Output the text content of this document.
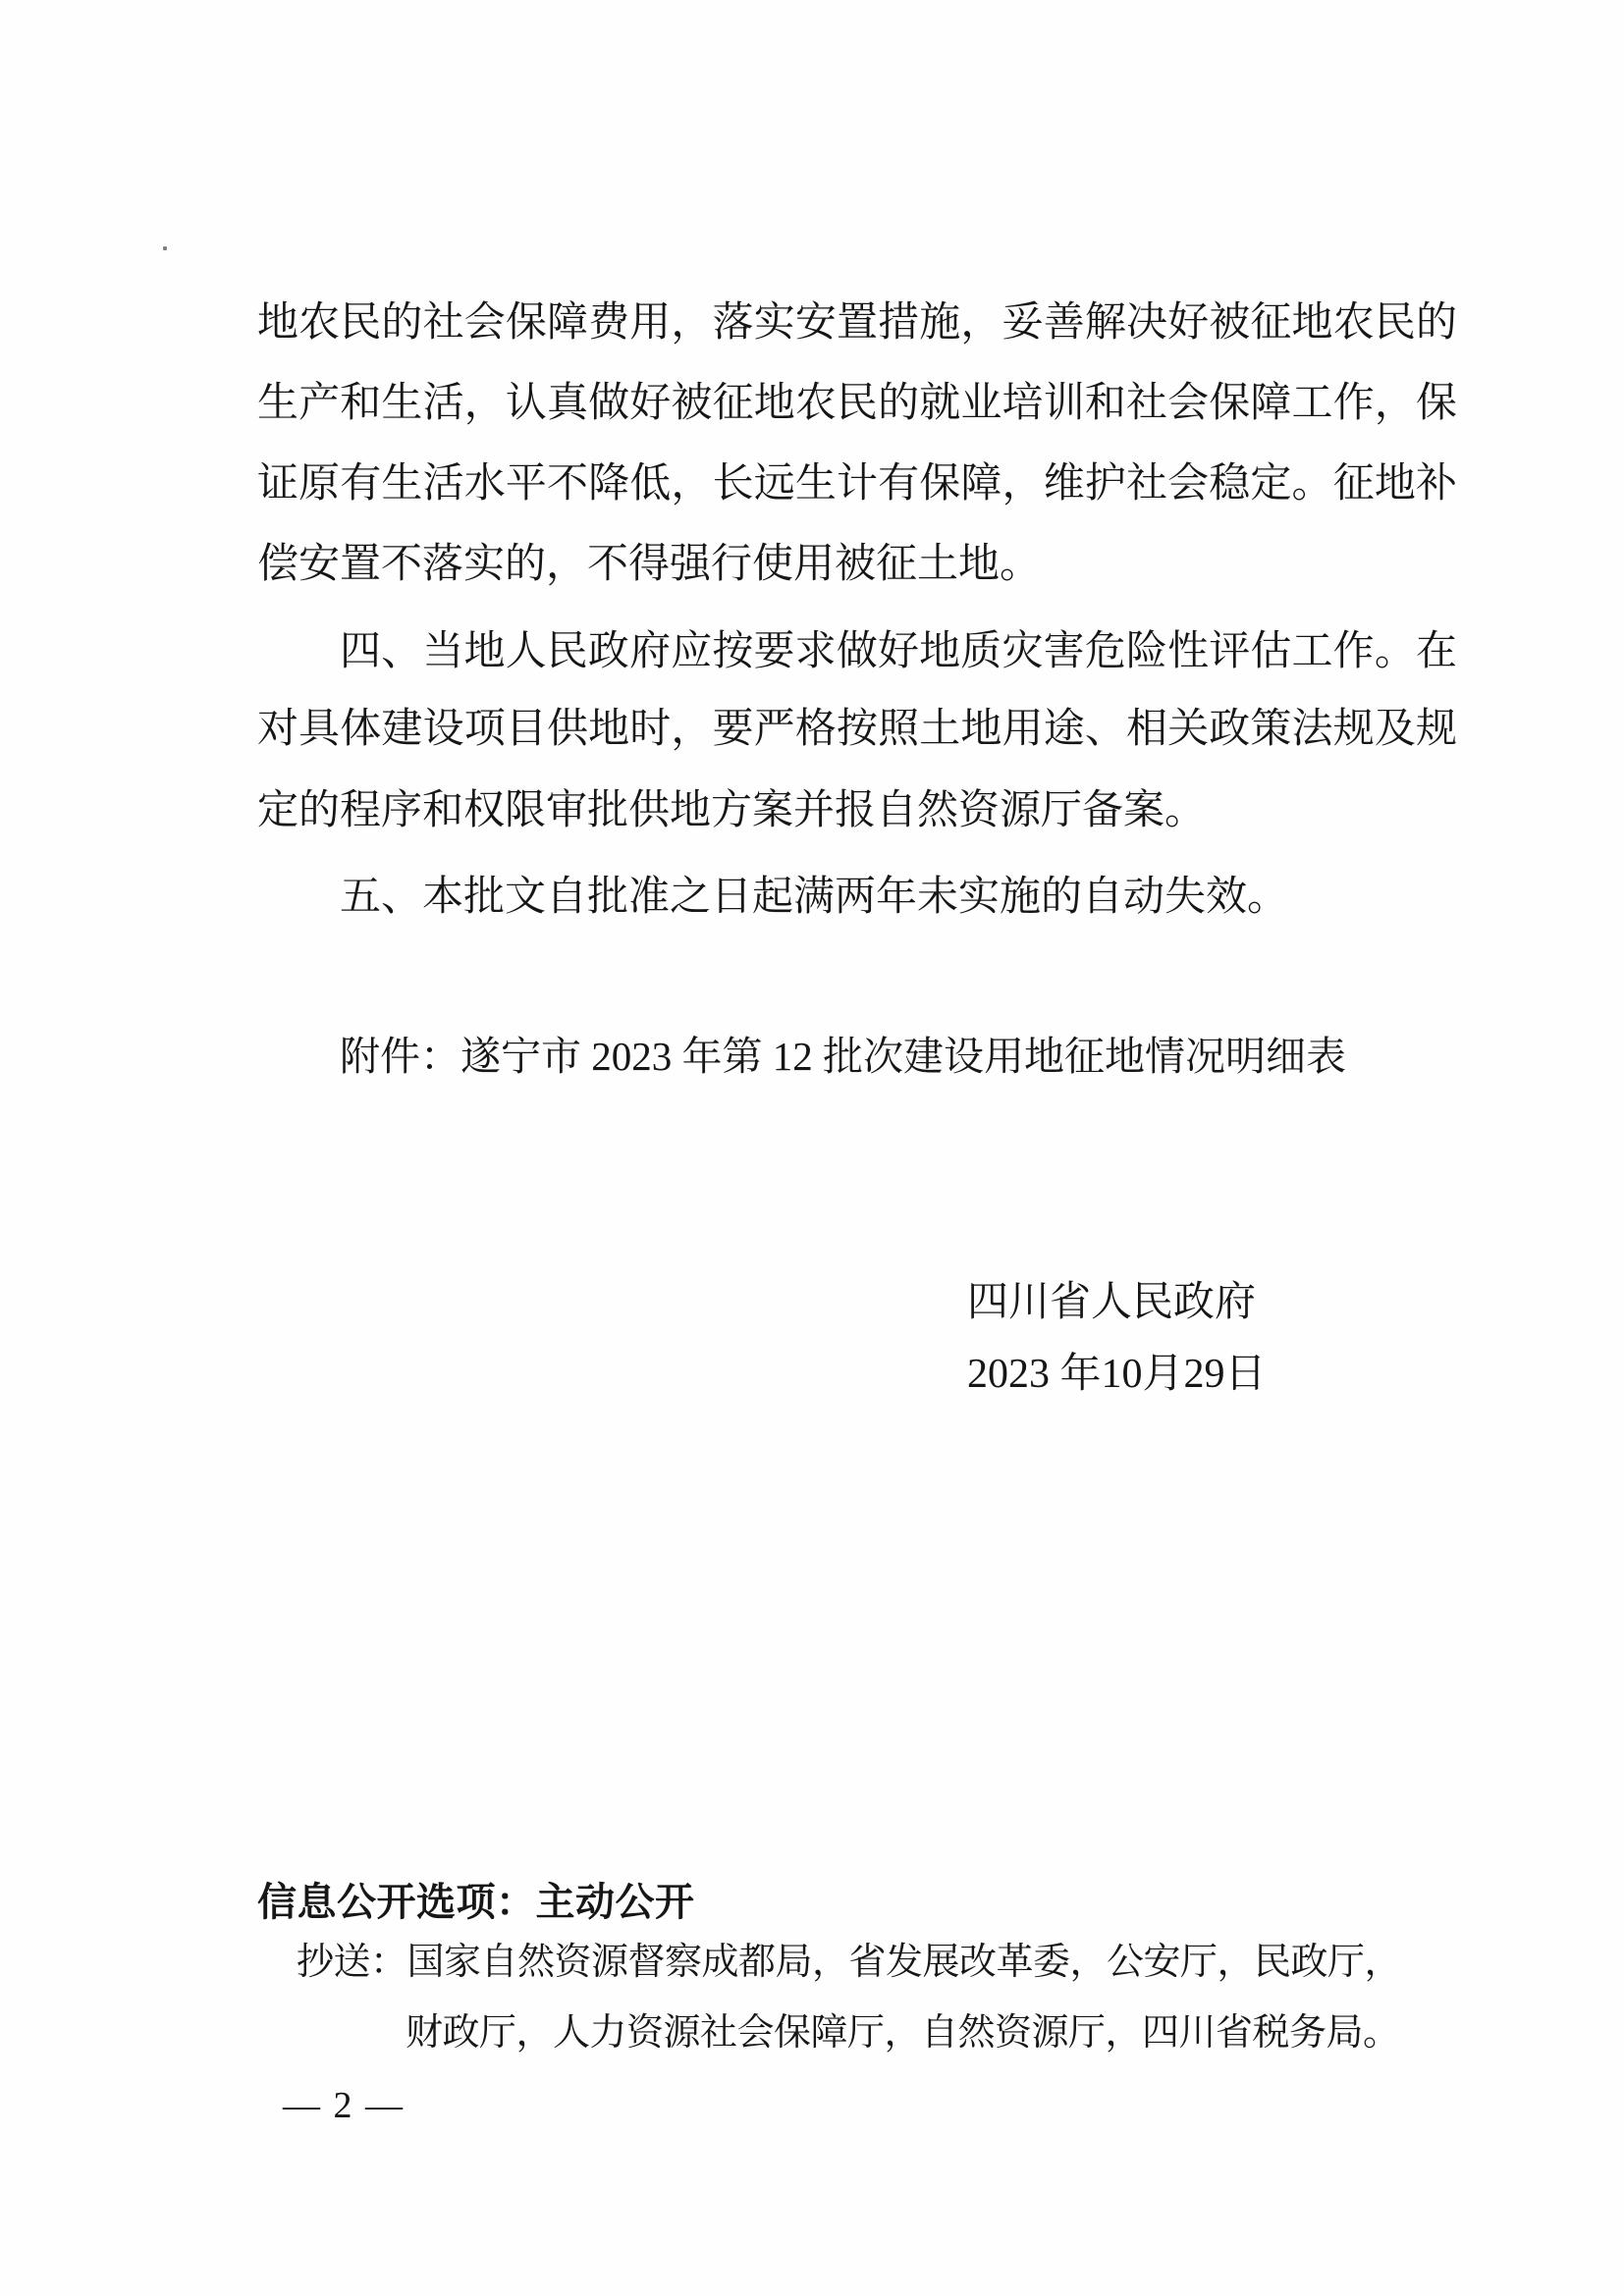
地农民的社会保障费用，落实安置措施，妥善解决好被征地农民的
生产和生活，认真做好被征地农民的就业培训和社会保障工作，保
证原有生活水平不降低，长远生计有保障，维护社会稳定。征地补
偿安置不落实的，不得强行使用被征土地。
四、当地人民政府应按要求做好地质灾害危险性评估工作。在
对具体建设项目供地时，要严格按照土地用途、相关政策法规及规
定的程序和权限审批供地方案并报自然资源厅备案。
五、本批文自批准之日起满两年未实施的自动失效。
附件：遂宁市 2023 年第 12 批次建设用地征地情况明细表
四川省人民政府
2023 年10月29日
信息公开选项：主动公开
抄送：国家自然资源督察成都局，省发展改革委，公安厅，民政厅，
财政厅，人力资源社会保障厅，自然资源厅，四川省税务局。
— 2 —
